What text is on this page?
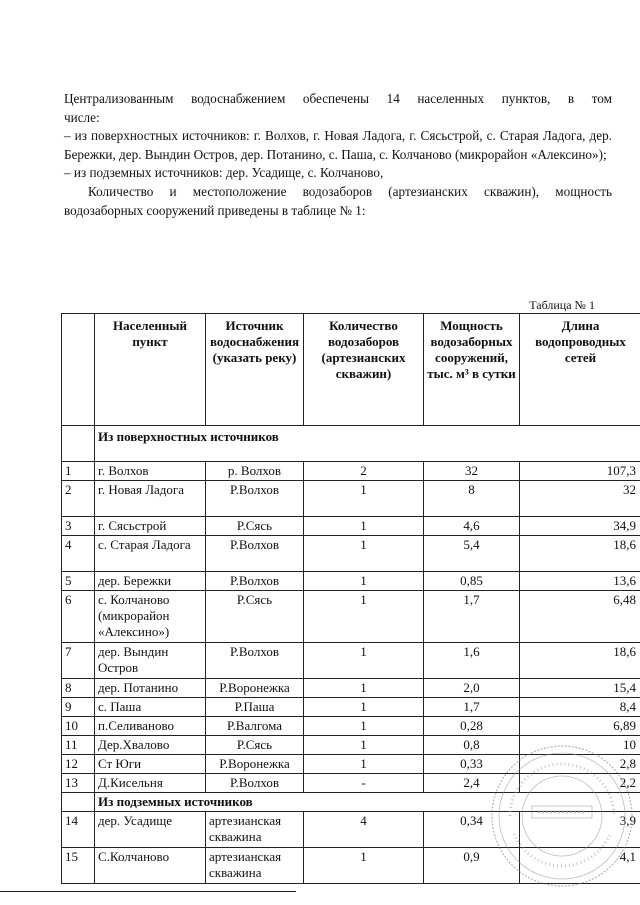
Централизованным водоснабжением обеспечены 14 населенных пунктов, в том

числе:

– из поверхностных источников: г. Волхов, г. Новая Ладога, г. Сясьстрой, с. Старая Ладога, дер. Бережки, дер. Вындин Остров, дер. Потанино, с. Паша, с. Колчаново (микрорайон «Алексино»);

– из подземных источников: дер. Усадище, с. Колчаново,

Количество и местоположение водозаборов (артезианских скважин), мощность водозаборных сооружений приведены в таблице № 1:

Таблица № 1
	Населенный пункт	Источник водоснабжения (указать реку)	Количество водозаборов (артезианских скважин)	Мощность водозаборных сооружений, тыс. м³ в сутки	Длина водопроводных сетей
	Из поверхностных источников				
1	г. Волхов	р. Волхов	2	32	107,3
2	г. Новая Ладога	Р.Волхов	1	8	32
3	г. Сясьстрой	Р.Сясь	1	4,6	34,9
4	с. Старая Ладога	Р.Волхов	1	5,4	18,6
5	дер. Бережки	Р.Волхов	1	0,85	13,6
6	с. Колчаново (микрорайон «Алексино»)	Р.Сясь	1	1,7	6,48
7	дер. Вындин Остров	Р.Волхов	1	1,6	18,6
8	дер. Потанино	Р.Воронежка	1	2,0	15,4
9	с. Паша	Р.Паша	1	1,7	8,4
10	п.Селиваново	Р.Валгома	1	0,28	6,89
11	Дер.Хвалово	Р.Сясь	1	0,8	10
12	Ст Юги	Р.Воронежка	1	0,33	2,8
13	Д.Кисельня	Р.Волхов	-	2,4	2,2
	Из подземных источников				
14	дер. Усадище	артезианская скважина	4	0,34	3,9
15	С.Колчаново	артезианская скважина	1	0,9	4,1
